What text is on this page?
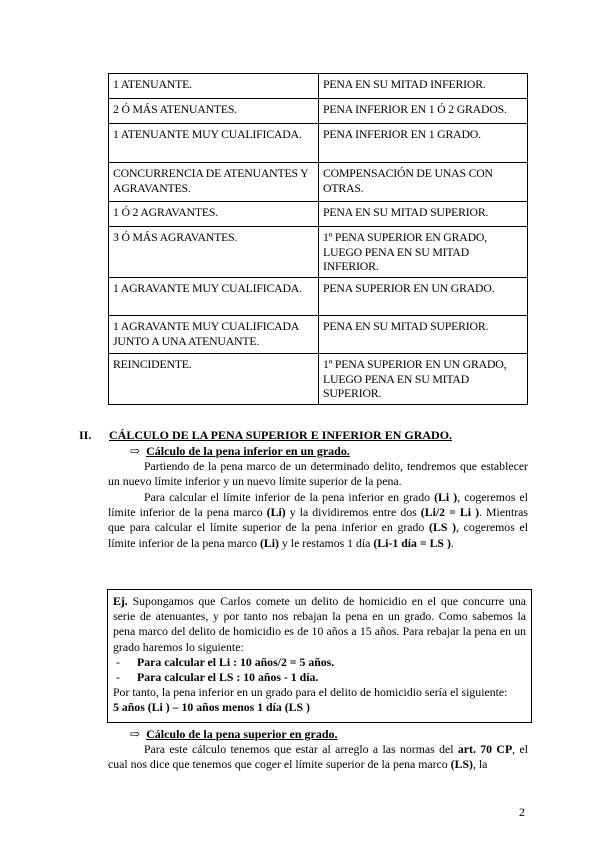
1 ATENUANTE.	PENA EN SU MITAD INFERIOR.
2 Ó MÁS ATENUANTES.	PENA INFERIOR EN 1 Ó 2 GRADOS.
1 ATENUANTE MUY CUALIFICADA.	PENA INFERIOR EN 1 GRADO.
CONCURRENCIA DE ATENUANTES Y AGRAVANTES.	COMPENSACIÓN DE UNAS CON OTRAS.
1 Ó 2 AGRAVANTES.	PENA EN SU MITAD SUPERIOR.
3 Ó MÁS AGRAVANTES.	1º PENA SUPERIOR EN GRADO, LUEGO PENA EN SU MITAD INFERIOR.
1 AGRAVANTE MUY CUALIFICADA.	PENA SUPERIOR EN UN GRADO.
1 AGRAVANTE MUY CUALIFICADA JUNTO A UNA ATENUANTE.	PENA EN SU MITAD SUPERIOR.
REINCIDENTE.	1º PENA SUPERIOR EN UN GRADO, LUEGO PENA EN SU MITAD SUPERIOR.
II. CÁLCULO DE LA PENA SUPERIOR E INFERIOR EN GRADO.
⇨ Cálculo de la pena inferior en un grado.

Partiendo de la pena marco de un determinado delito, tendremos que establecer un nuevo límite inferior y un nuevo límite superior de la pena.

Para calcular el límite inferior de la pena inferior en grado (Li ), cogeremos el límite inferior de la pena marco (Li) y la dividiremos entre dos (Li/2 = Li ). Mientras que para calcular el límite superior de la pena inferior en grado (LS ), cogeremos el límite inferior de la pena marco (Li) y le restamos 1 día (Li-1 día = LS ).

Ej. Supongamos que Carlos comete un delito de homicidio en el que concurre una serie de atenuantes, y por tanto nos rebajan la pena en un grado. Como sabemos la pena marco del delito de homicidio es de 10 años a 15 años. Para rebajar la pena en un grado haremos lo siguiente:
- Para calcular el Li : 10 años/2 = 5 años.
- Para calcular el LS : 10 años - 1 día.
Por tanto, la pena inferior en un grado para el delito de homicidio sería el siguiente:
5 años (Li ) – 10 años menos 1 día (LS )
⇨ Cálculo de la pena superior en grado.

Para este cálculo tenemos que estar al arreglo a las normas del art. 70 CP, el cual nos dice que tenemos que coger el límite superior de la pena marco (LS), la

2
